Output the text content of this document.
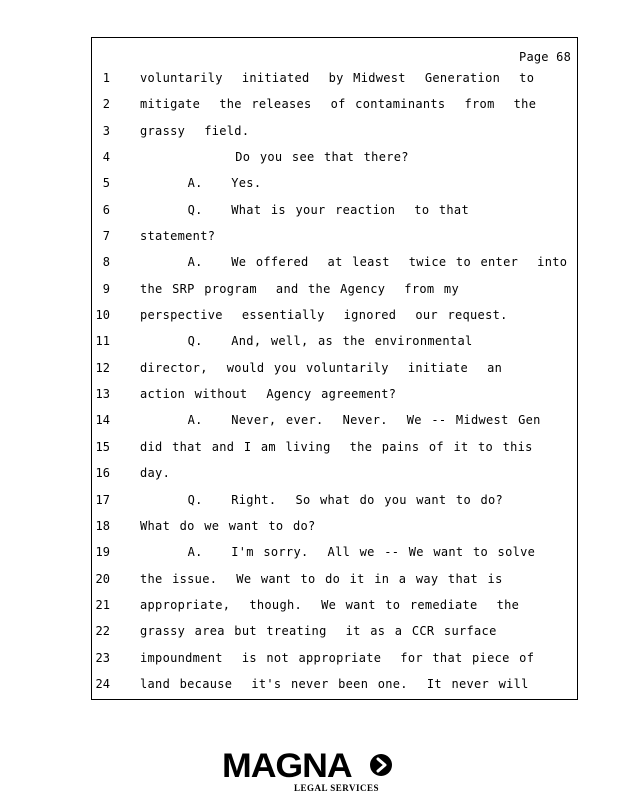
Page 68
1	voluntarily  initiated  by Midwest  Generation  to
2	mitigate  the releases  of contaminants  from  the
3	grassy  field.
4	Do you see that there?
5	A.   Yes.
6	Q.   What is your reaction  to that
7	statement?
8	A.   We offered  at least  twice to enter  into
9	the SRP program  and the Agency  from my
10	perspective  essentially  ignored  our request.
11	Q.   And, well, as the environmental
12	director,  would you voluntarily  initiate  an
13	action without  Agency agreement?
14	A.   Never, ever.  Never.  We -- Midwest Gen
15	did that and I am living  the pains of it to this
16	day.
17	Q.   Right.  So what do you want to do?
18	What do we want to do?
19	A.   I'm sorry.  All we -- We want to solve
20	the issue.  We want to do it in a way that is
21	appropriate,  though.  We want to remediate  the
22	grassy area but treating  it as a CCR surface
23	impoundment  is not appropriate  for that piece of
24	land because  it's never been one.  It never will
MAGNA
LEGAL SERVICES
